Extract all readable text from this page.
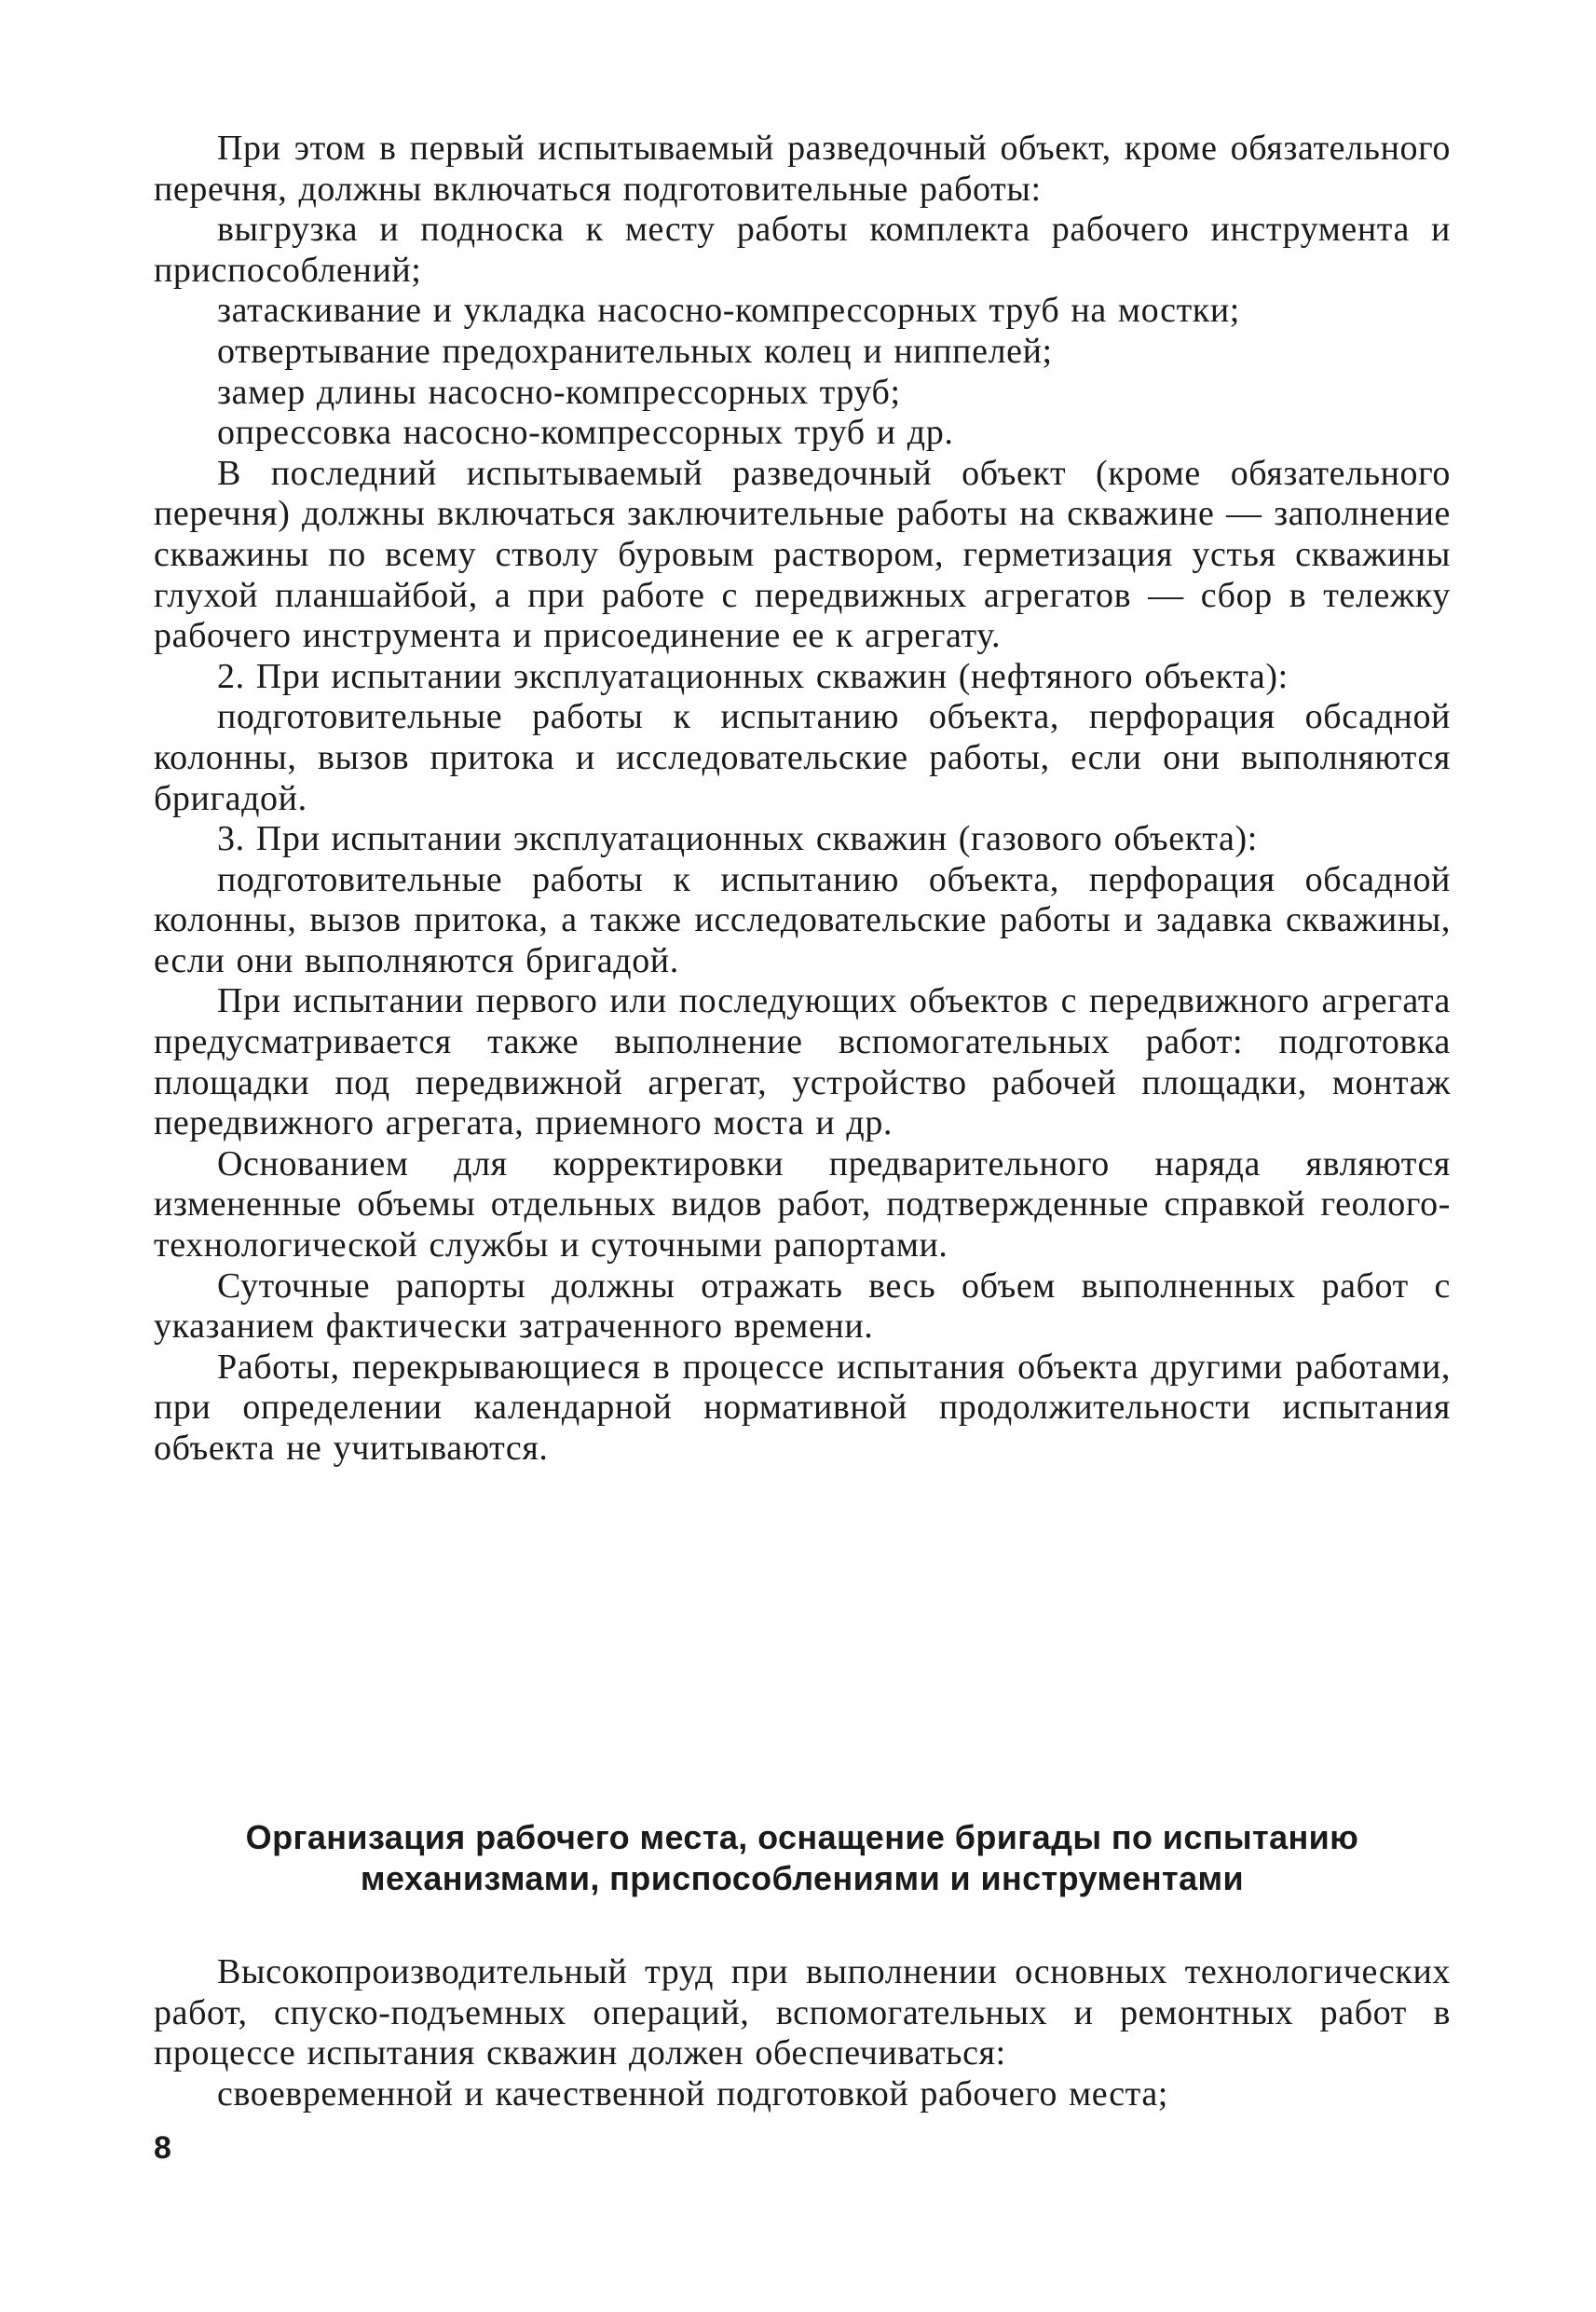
При этом в первый испытываемый разведочный объект, кроме обязательного перечня, должны включаться подготовительные работы:

выгрузка и подноска к месту работы комплекта рабочего инструмента и приспособлений;

затаскивание и укладка насосно-компрессорных труб на мостки;

отвертывание предохранительных колец и ниппелей;

замер длины насосно-компрессорных труб;

опрессовка насосно-компрессорных труб и др.

В последний испытываемый разведочный объект (кроме обязательного перечня) должны включаться заключительные работы на скважине — заполнение скважины по всему стволу буровым раствором, герметизация устья скважины глухой планшайбой, а при работе с передвижных агрегатов — сбор в тележку рабочего инструмента и присоединение ее к агрегату.

2. При испытании эксплуатационных скважин (нефтяного объекта):

подготовительные работы к испытанию объекта, перфорация обсадной колонны, вызов притока и исследовательские работы, если они выполняются бригадой.

3. При испытании эксплуатационных скважин (газового объекта):

подготовительные работы к испытанию объекта, перфорация обсадной колонны, вызов притока, а также исследовательские работы и задавка скважины, если они выполняются бригадой.

При испытании первого или последующих объектов с передвижного агрегата предусматривается также выполнение вспомогательных работ: подготовка площадки под передвижной агрегат, устройство рабочей площадки, монтаж передвижного агрегата, приемного моста и др.

Основанием для корректировки предварительного наряда являются измененные объемы отдельных видов работ, подтвержденные справкой геолого-технологической службы и суточными рапортами.

Суточные рапорты должны отражать весь объем выполненных работ с указанием фактически затраченного времени.

Работы, перекрывающиеся в процессе испытания объекта другими работами, при определении календарной нормативной продолжительности испытания объекта не учитываются.

Организация рабочего места, оснащение бригады по испытанию
механизмами, приспособлениями и инструментами

Высокопроизводительный труд при выполнении основных технологических работ, спуско-подъемных операций, вспомогательных и ремонтных работ в процессе испытания скважин должен обеспечиваться:

своевременной и качественной подготовкой рабочего места;

8
